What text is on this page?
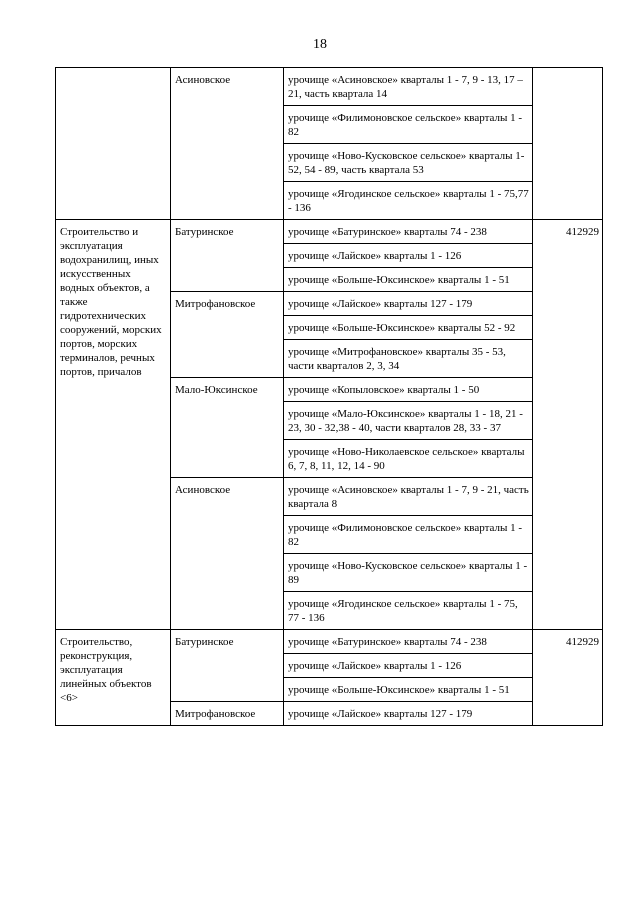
18
	Асиновское	урочище «Асиновское» кварталы 1 - 7, 9 - 13, 17 – 21, часть квартала 14	
		урочище «Филимоновское сельское» кварталы 1 - 82	
		урочище «Ново-Кусковское сельское» кварталы 1-52, 54 - 89, часть квартала 53	
		урочище «Ягодинское сельское» кварталы 1 - 75,77 - 136	
Строительство и эксплуатация водохранилищ, иных искусственных водных объектов, а также гидротехнических сооружений, морских портов, морских терминалов, речных портов, причалов	Батуринское	урочище «Батуринское» кварталы 74 - 238	412929
		урочище «Лайское» кварталы 1 - 126	
		урочище «Больше-Юксинское» кварталы 1 - 51	
	Митрофановское	урочище «Лайское» кварталы 127 - 179	
		урочище «Больше-Юксинское» кварталы 52 - 92	
		урочище «Митрофановское» кварталы 35 - 53, части кварталов 2, 3, 34	
	Мало-Юксинское	урочище «Копыловское» кварталы 1 - 50	
		урочище «Мало-Юксинское» кварталы 1 - 18, 21 - 23, 30 - 32,38 - 40, части кварталов 28, 33 - 37	
		урочище «Ново-Николаевское сельское» кварталы 6, 7, 8, 11, 12, 14 - 90	
	Асиновское	урочище «Асиновское» кварталы 1 - 7, 9 - 21, часть квартала 8	
		урочище «Филимоновское сельское» кварталы 1 - 82	
		урочище «Ново-Кусковское сельское» кварталы 1 - 89	
		урочище «Ягодинское сельское» кварталы 1 - 75, 77 - 136	
Строительство, реконструкция, эксплуатация линейных объектов <6>	Батуринское	урочище «Батуринское» кварталы 74 - 238	412929
		урочище «Лайское» кварталы 1 - 126	
		урочище «Больше-Юксинское» кварталы 1 - 51	
	Митрофановское	урочище «Лайское» кварталы 127 - 179	
